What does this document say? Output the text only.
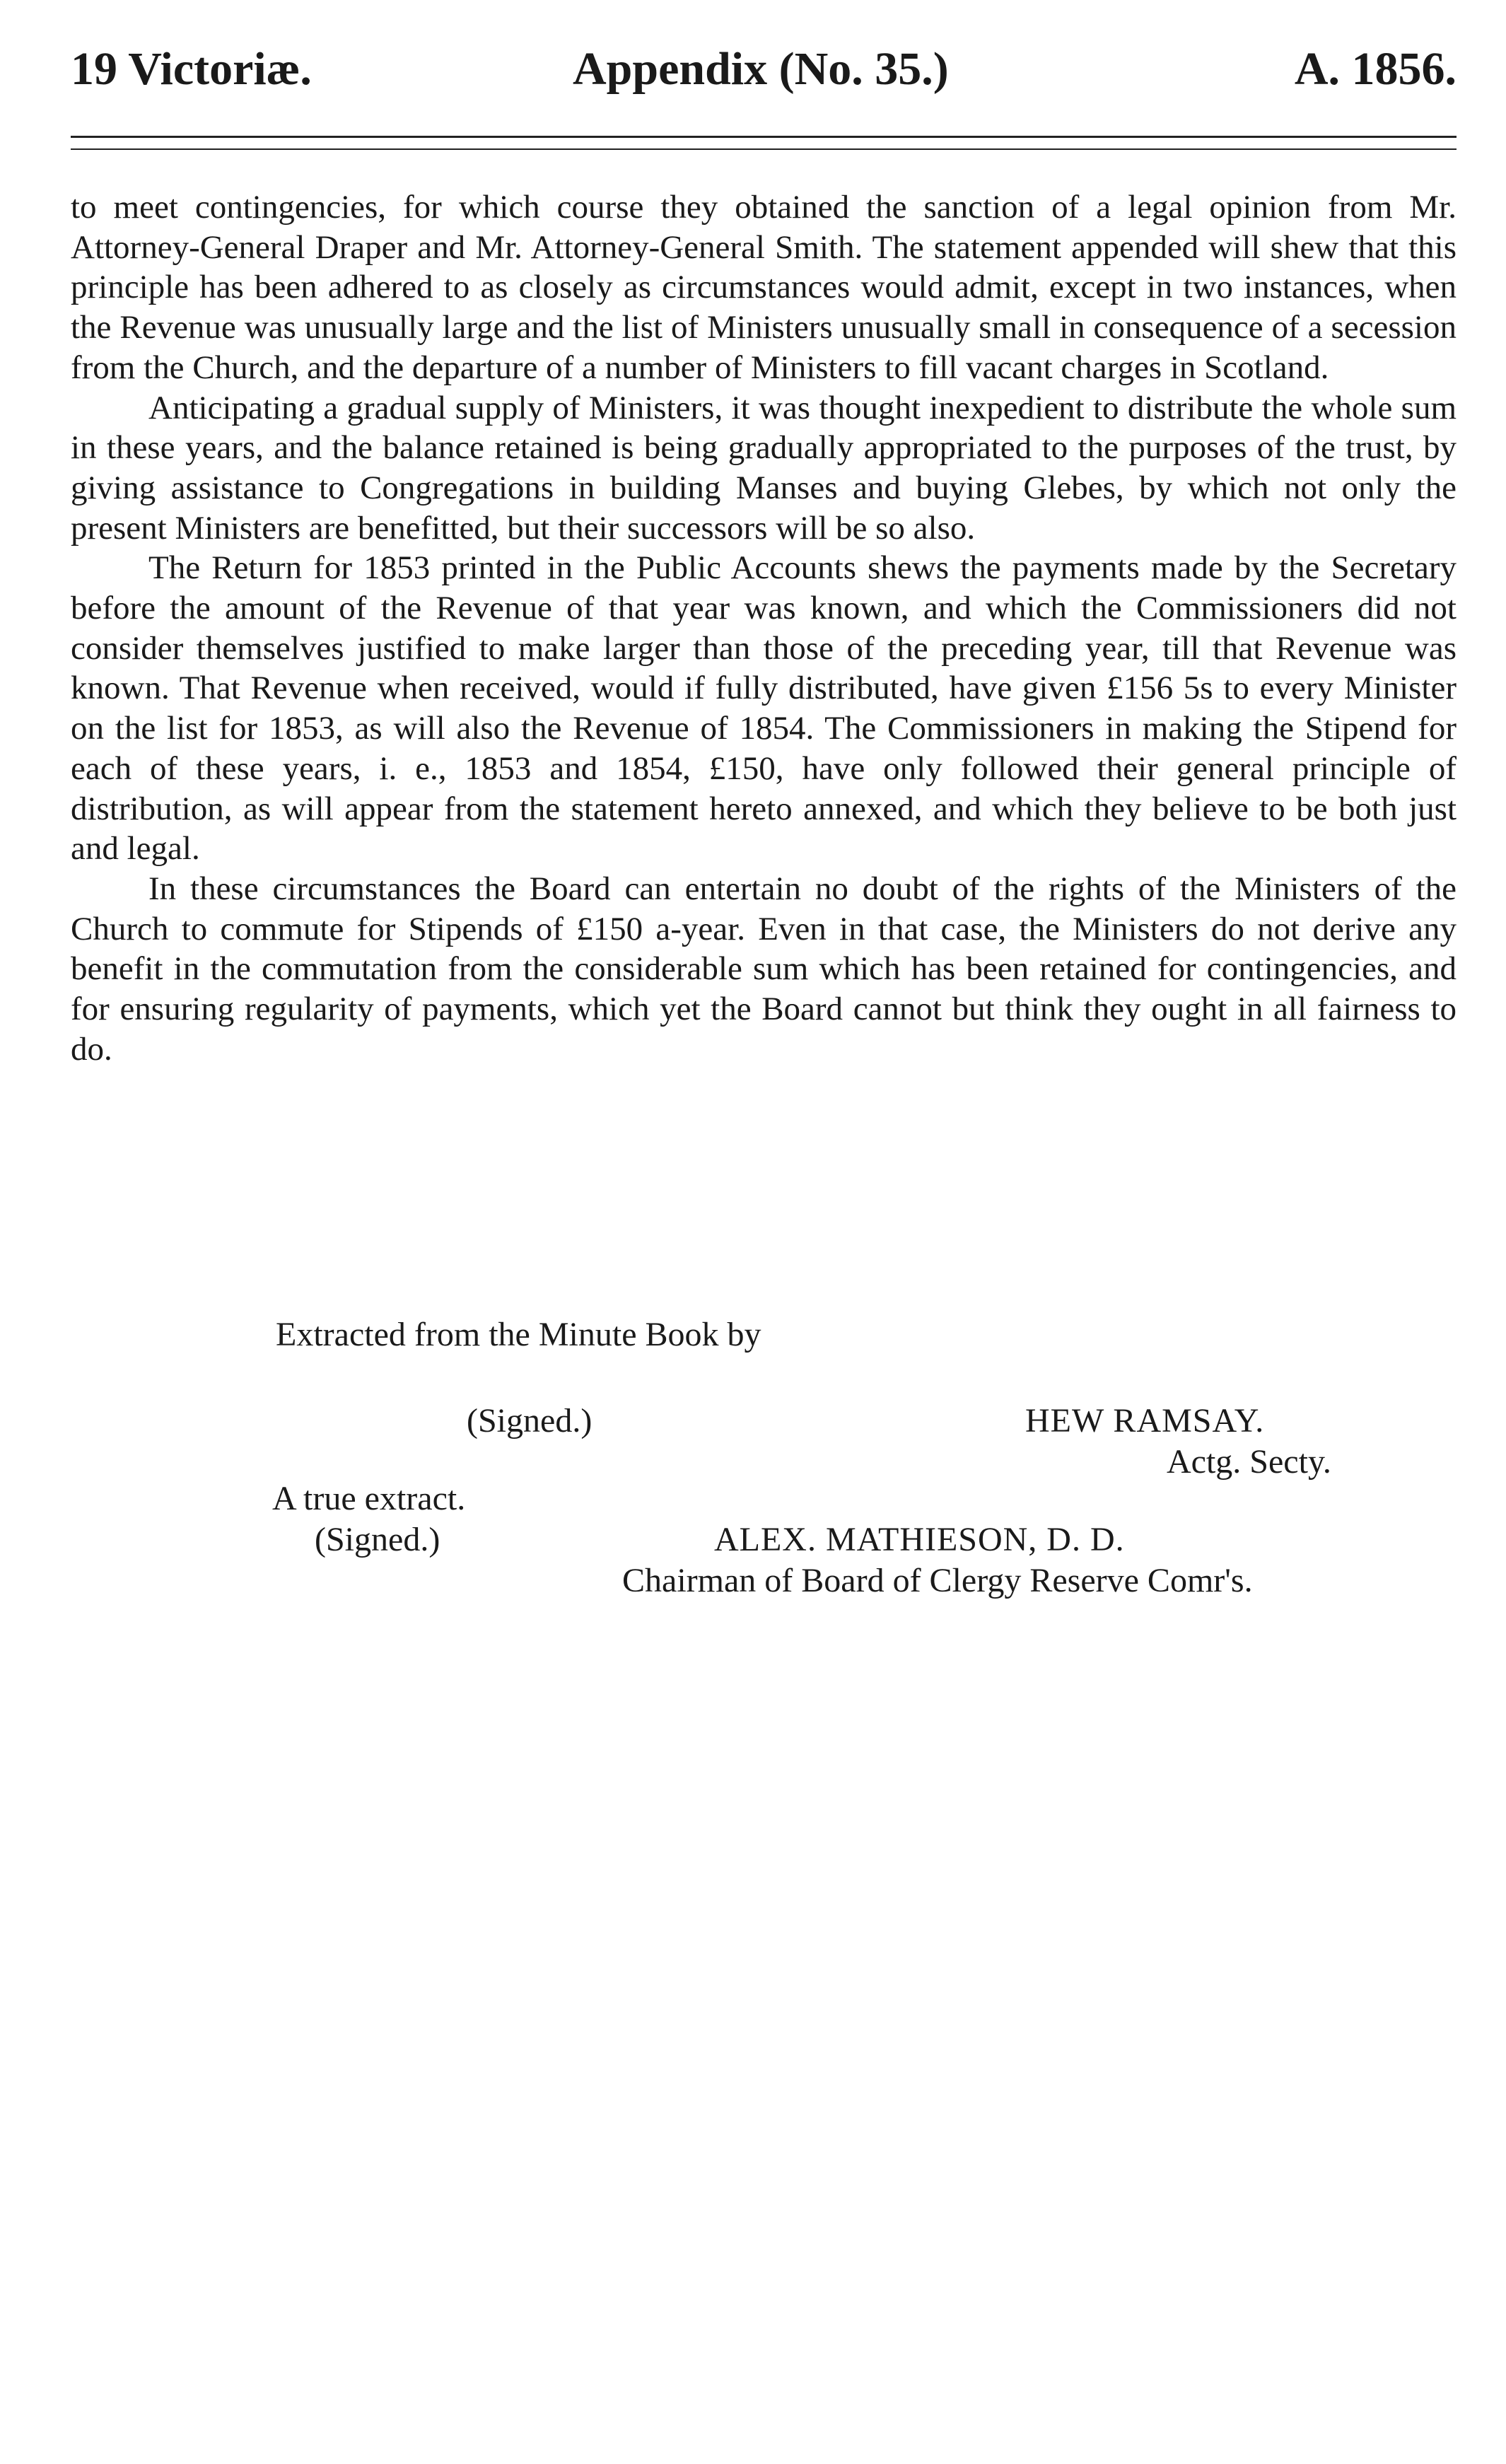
19 Victoriæ.	Appendix (No. 35.)	A. 1856.

to meet contingencies, for which course they obtained the sanction of a legal opinion from Mr. Attorney-General Draper and Mr. Attorney-General Smith. The statement appended will shew that this principle has been adhered to as closely as circumstances would admit, except in two instances, when the Revenue was unusually large and the list of Ministers unusually small in consequence of a secession from the Church, and the departure of a number of Ministers to fill vacant charges in Scotland.

Anticipating a gradual supply of Ministers, it was thought inexpedient to distribute the whole sum in these years, and the balance retained is being gradually appropriated to the purposes of the trust, by giving assistance to Congregations in building Manses and buying Glebes, by which not only the present Ministers are benefitted, but their successors will be so also.

The Return for 1853 printed in the Public Accounts shews the payments made by the Secretary before the amount of the Revenue of that year was known, and which the Commissioners did not consider themselves justified to make larger than those of the preceding year, till that Revenue was known. That Revenue when received, would if fully distributed, have given £156 5s to every Minister on the list for 1853, as will also the Revenue of 1854. The Commissioners in making the Stipend for each of these years, i. e., 1853 and 1854, £150, have only followed their general principle of distribution, as will appear from the statement hereto annexed, and which they believe to be both just and legal.

In these circumstances the Board can entertain no doubt of the rights of the Ministers of the Church to commute for Stipends of £150 a-year. Even in that case, the Ministers do not derive any benefit in the commutation from the considerable sum which has been retained for contingencies, and for ensuring regularity of payments, which yet the Board cannot but think they ought in all fairness to do.

Extracted from the Minute Book by
(Signed.)	HEW RAMSAY.
Actg. Secty.
A true extract.
(Signed.)	ALEX. MATHIESON, D. D.
Chairman of Board of Clergy Reserve Comr's.
